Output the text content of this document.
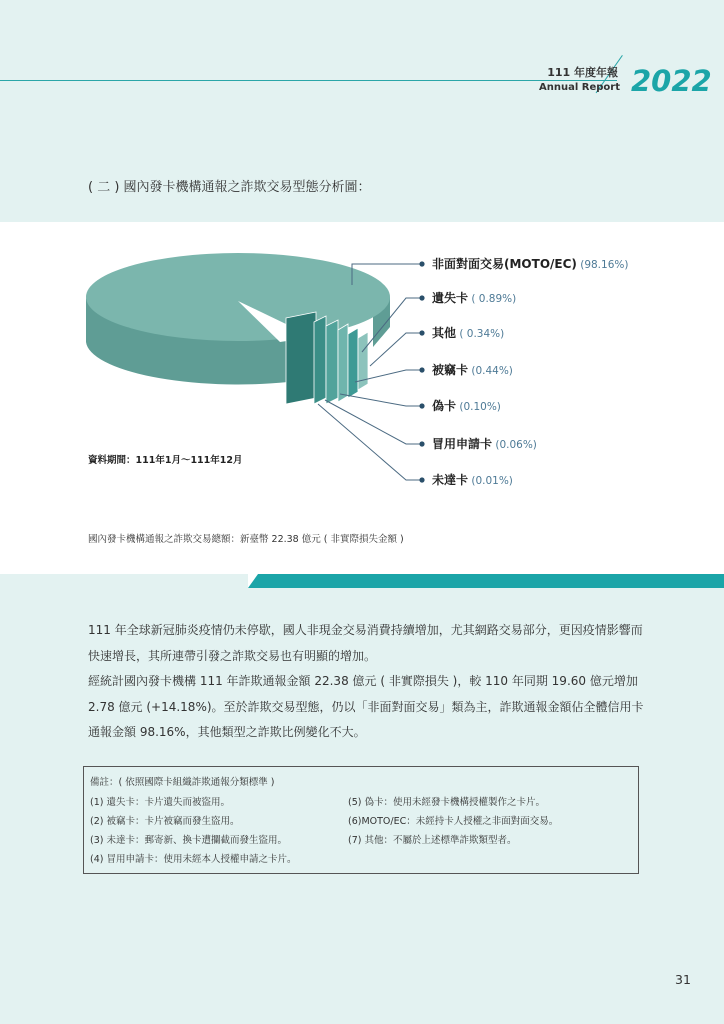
111 年度年報
Annual Report 2022
( 二 ) 國內發卡機構通報之詐欺交易型態分析圖：
非面對面交易(MOTO/EC) (98.16%)
遺失卡 ( 0.89%)
其他 ( 0.34%)
被竊卡 (0.44%)
偽卡 (0.10%)
冒用申請卡 (0.06%)
未達卡 (0.01%)
資料期間：111年1月～111年12月
國內發卡機構通報之詐欺交易總額：新臺幣 22.38 億元 ( 非實際損失金額 )

111 年全球新冠肺炎疫情仍未停歇，國人非現金交易消費持續增加，尤其網路交易部分，更因疫情影響而快速增長，其所連帶引發之詐欺交易也有明顯的增加。

經統計國內發卡機構 111 年詐欺通報金額 22.38 億元 ( 非實際損失 )，較 110 年同期 19.60 億元增加 2.78 億元 (+14.18%)。至於詐欺交易型態，仍以「非面對面交易」類為主，詐欺通報金額佔全體信用卡通報金額 98.16%，其他類型之詐欺比例變化不大。

備註：( 依照國際卡組織詐欺通報分類標準 )
(1) 遺失卡：卡片遺失而被盜用。
(2) 被竊卡：卡片被竊而發生盜用。
(3) 未達卡：郵寄新、換卡遭攔截而發生盜用。
(4) 冒用申請卡：使用未經本人授權申請之卡片。
(5) 偽卡：使用未經發卡機構授權製作之卡片。
(6)MOTO/EC：未經持卡人授權之非面對面交易。
(7) 其他：不屬於上述標準詐欺類型者。
31
